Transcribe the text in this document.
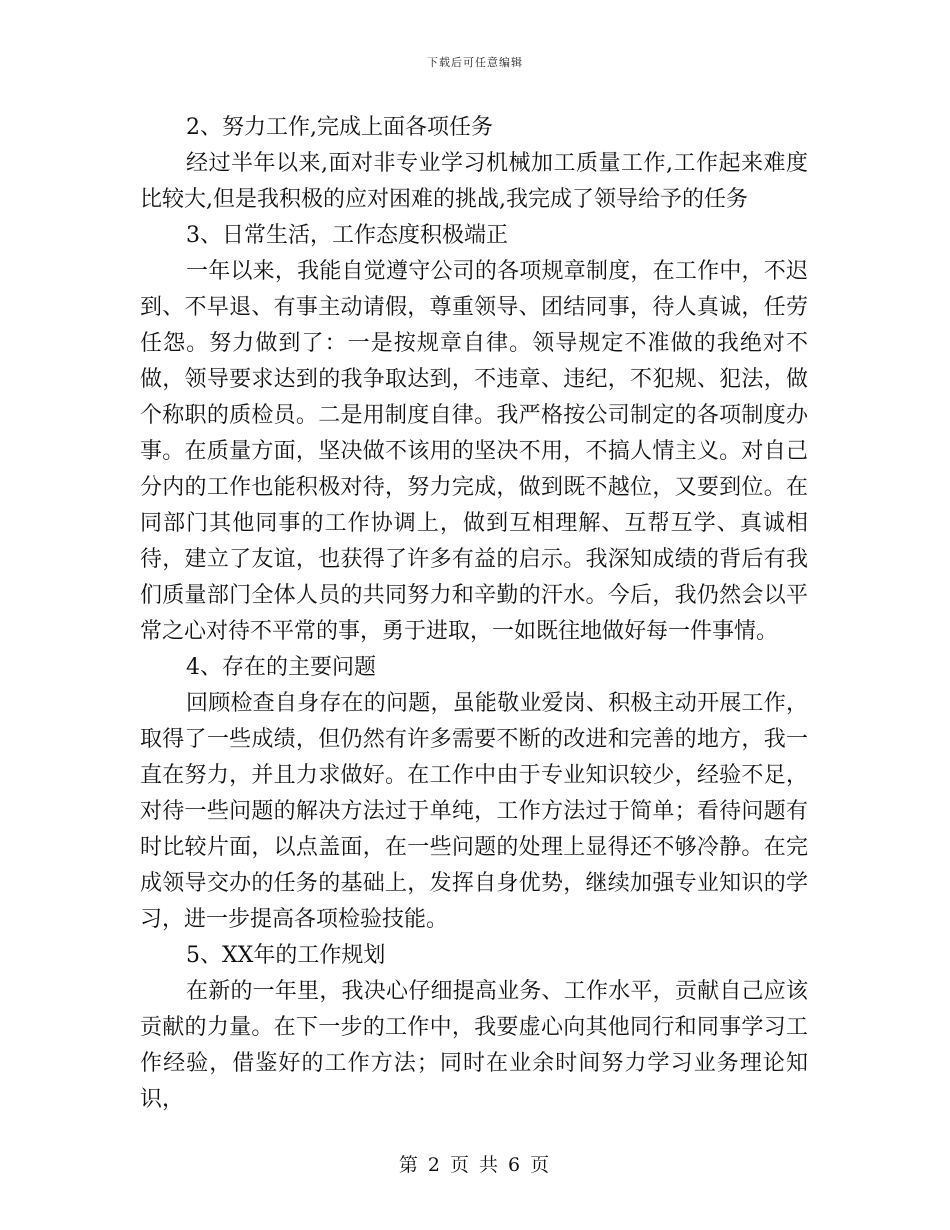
下载后可任意编辑

2、努力工作,完成上面各项任务

经过半年以来,面对非专业学习机械加工质量工作,工作起来难度比较大,但是我积极的应对困难的挑战,我完成了领导给予的任务

3、日常生活，工作态度积极端正

一年以来，我能自觉遵守公司的各项规章制度，在工作中，不迟到、不早退、有事主动请假，尊重领导、团结同事，待人真诚，任劳任怨。努力做到了：一是按规章自律。领导规定不准做的我绝对不做，领导要求达到的我争取达到，不违章、违纪，不犯规、犯法，做个称职的质检员。二是用制度自律。我严格按公司制定的各项制度办事。在质量方面，坚决做不该用的坚决不用，不搞人情主义。对自己分内的工作也能积极对待，努力完成，做到既不越位，又要到位。在同部门其他同事的工作协调上，做到互相理解、互帮互学、真诚相待，建立了友谊，也获得了许多有益的启示。我深知成绩的背后有我们质量部门全体人员的共同努力和辛勤的汗水。今后，我仍然会以平常之心对待不平常的事，勇于进取，一如既往地做好每一件事情。

4、存在的主要问题

回顾检查自身存在的问题，虽能敬业爱岗、积极主动开展工作，取得了一些成绩，但仍然有许多需要不断的改进和完善的地方，我一直在努力，并且力求做好。在工作中由于专业知识较少，经验不足，对待一些问题的解决方法过于单纯，工作方法过于简单；看待问题有时比较片面，以点盖面，在一些问题的处理上显得还不够冷静。在完成领导交办的任务的基础上，发挥自身优势，继续加强专业知识的学习，进一步提高各项检验技能。

5、XX年的工作规划

在新的一年里，我决心仔细提高业务、工作水平，贡献自己应该贡献的力量。在下一步的工作中，我要虚心向其他同行和同事学习工作经验，借鉴好的工作方法；同时在业余时间努力学习业务理论知识，

第 2 页 共 6 页
